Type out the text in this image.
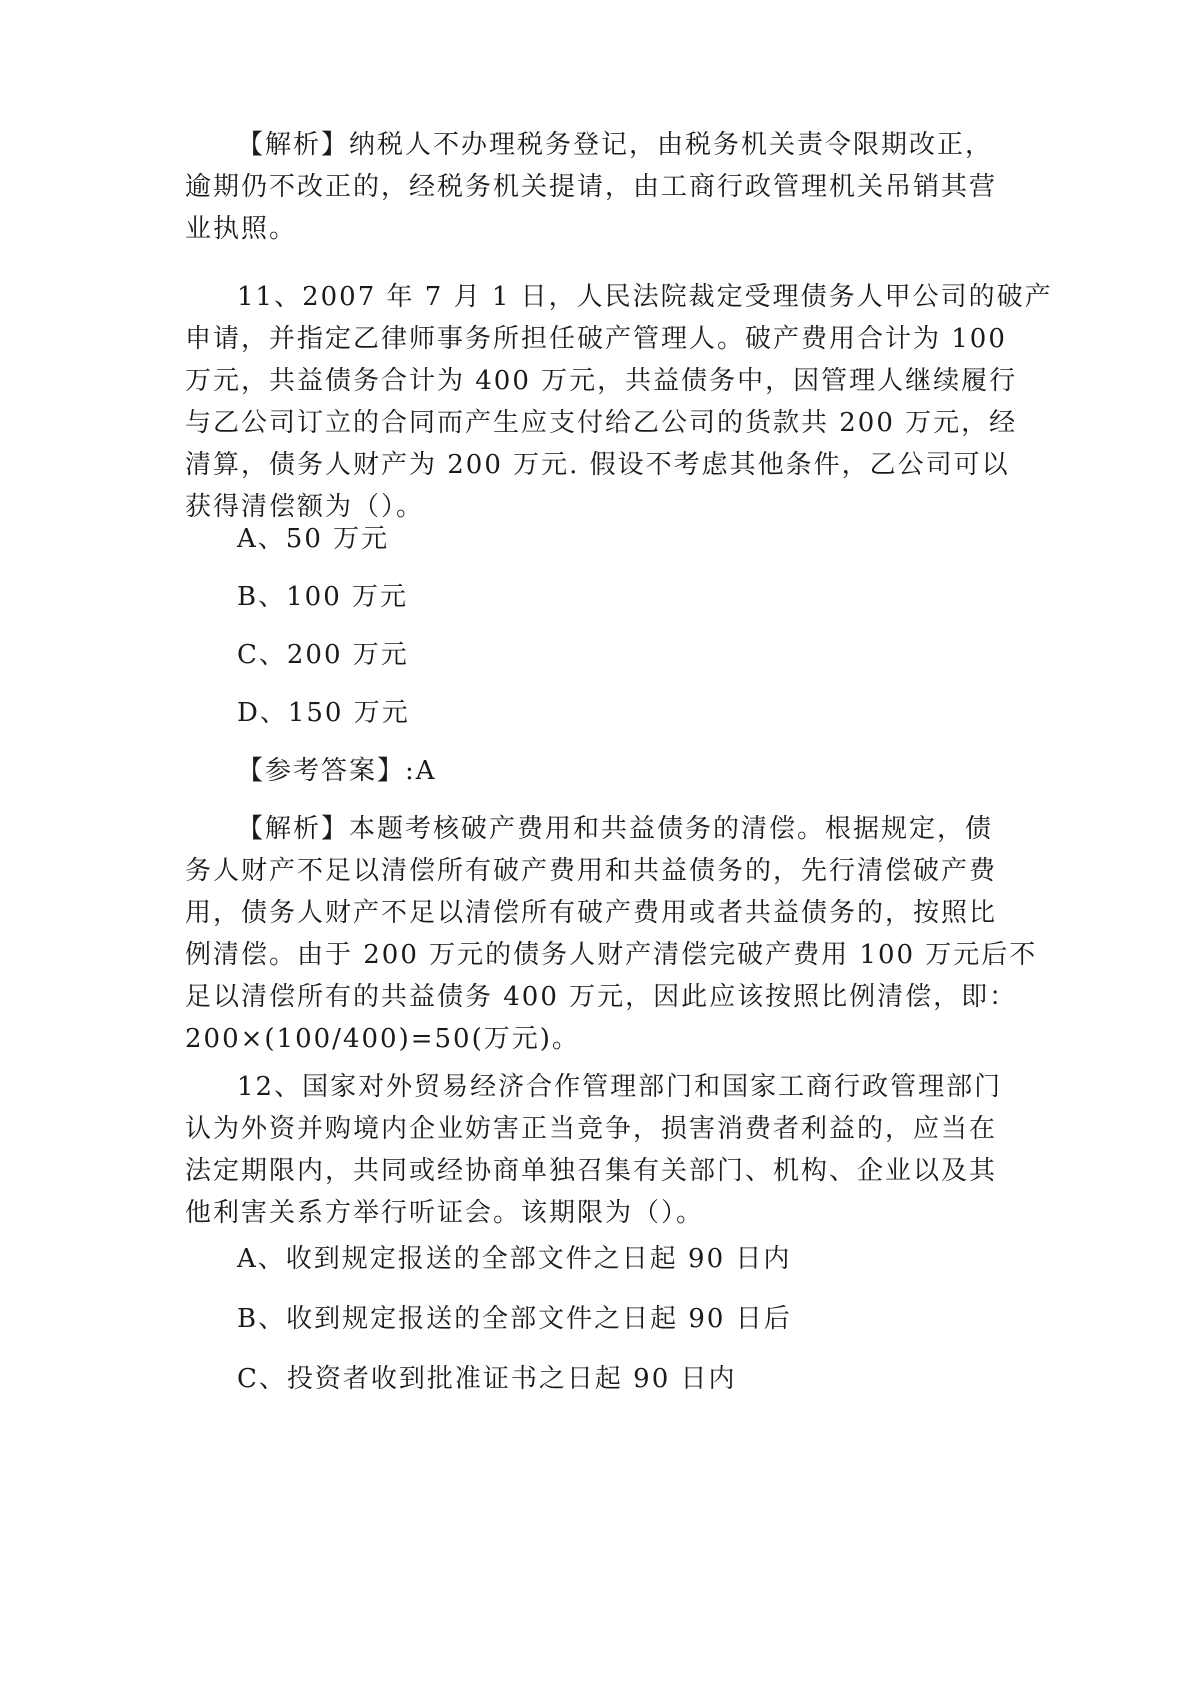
【解析】纳税人不办理税务登记，由税务机关责令限期改正，
逾期仍不改正的，经税务机关提请，由工商行政管理机关吊销其营
业执照。
11、2007 年 7 月 1 日，人民法院裁定受理债务人甲公司的破产
申请，并指定乙律师事务所担任破产管理人。破产费用合计为 100
万元，共益债务合计为 400 万元，共益债务中，因管理人继续履行
与乙公司订立的合同而产生应支付给乙公司的货款共 200 万元，经
清算，债务人财产为 200 万元. 假设不考虑其他条件，乙公司可以
获得清偿额为（）。
A、50 万元
B、100 万元
C、200 万元
D、150 万元
【参考答案】:A
【解析】本题考核破产费用和共益债务的清偿。根据规定，债
务人财产不足以清偿所有破产费用和共益债务的，先行清偿破产费
用，债务人财产不足以清偿所有破产费用或者共益债务的，按照比
例清偿。由于 200 万元的债务人财产清偿完破产费用 100 万元后不
足以清偿所有的共益债务 400 万元，因此应该按照比例清偿，即：
200×(100/400)=50(万元)。
12、国家对外贸易经济合作管理部门和国家工商行政管理部门
认为外资并购境内企业妨害正当竞争，损害消费者利益的，应当在
法定期限内，共同或经协商单独召集有关部门、机构、企业以及其
他利害关系方举行听证会。该期限为（）。
A、收到规定报送的全部文件之日起 90 日内
B、收到规定报送的全部文件之日起 90 日后
C、投资者收到批准证书之日起 90 日内
